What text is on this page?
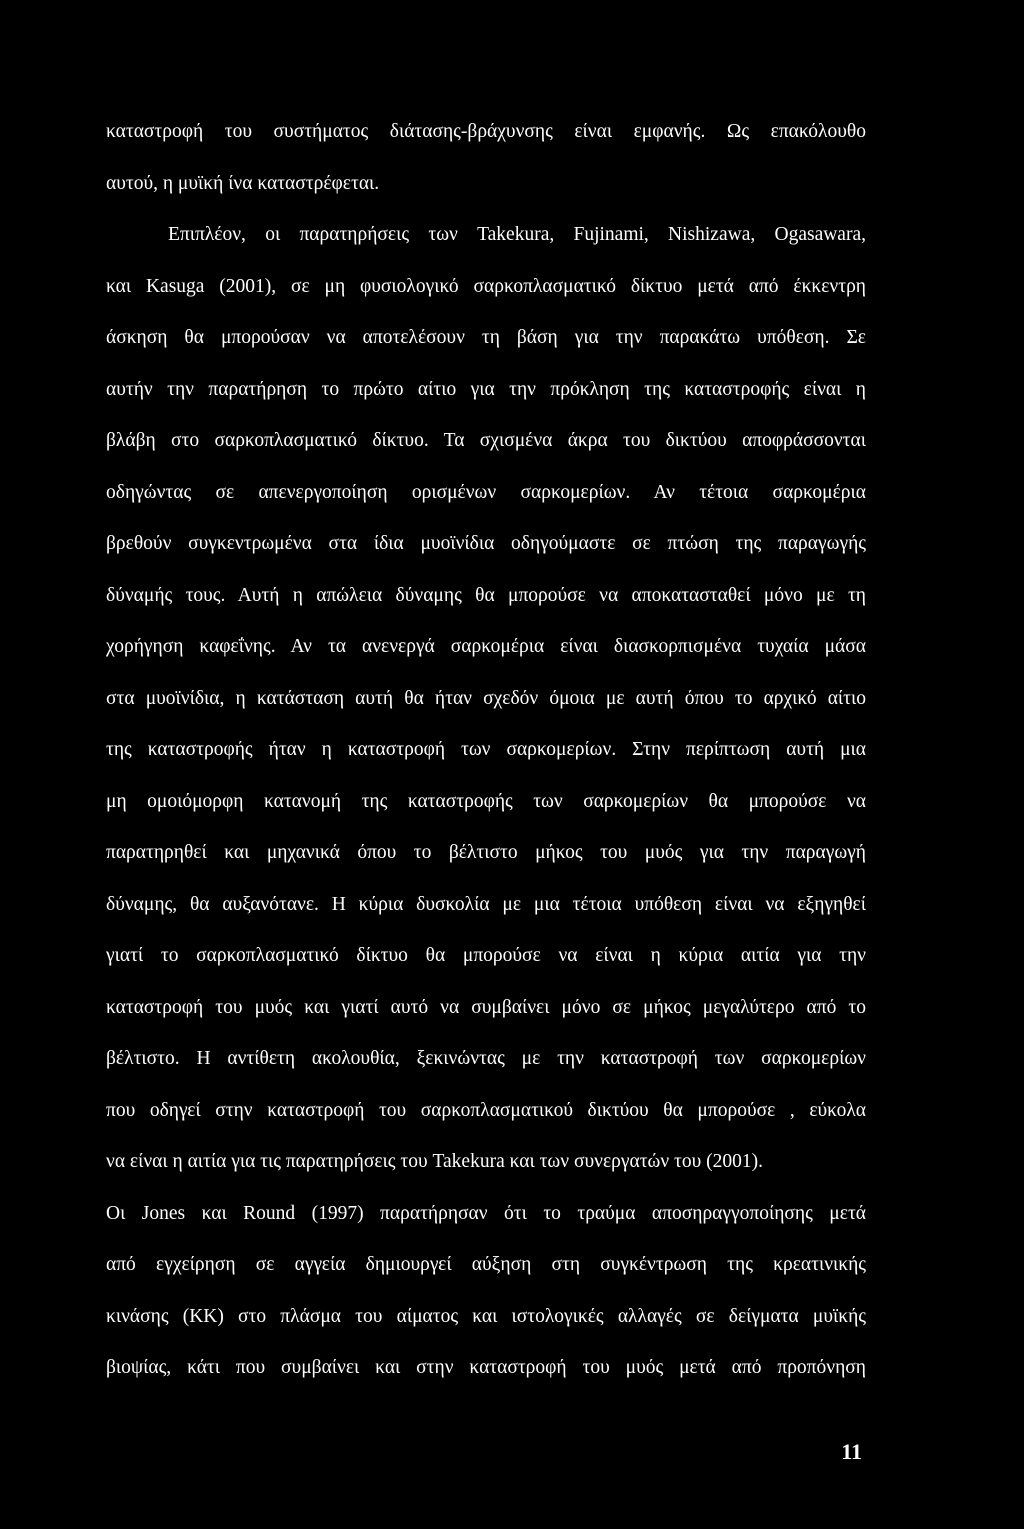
καταστροφή του συστήματος διάτασης-βράχυνσης είναι εμφανής. Ως επακόλουθο
αυτού, η μυϊκή ίνα καταστρέφεται.
Επιπλέον, οι παρατηρήσεις των Takekura, Fujinami, Nishizawa, Ogasawara,
και Kasuga (2001), σε μη φυσιολογικό σαρκοπλασματικό δίκτυο μετά από έκκεντρη
άσκηση θα μπορούσαν να αποτελέσουν τη βάση για την παρακάτω υπόθεση. Σε
αυτήν την παρατήρηση το πρώτο αίτιο για την πρόκληση της καταστροφής είναι η
βλάβη στο σαρκοπλασματικό δίκτυο. Τα σχισμένα άκρα του δικτύου αποφράσσονται
οδηγώντας σε απενεργοποίηση ορισμένων σαρκομερίων. Αν τέτοια σαρκομέρια
βρεθούν συγκεντρωμένα στα ίδια μυοϊνίδια οδηγούμαστε σε πτώση της παραγωγής
δύναμής τους. Αυτή η απώλεια δύναμης θα μπορούσε να αποκατασταθεί μόνο με τη
χορήγηση καφεΐνης. Αν τα ανενεργά σαρκομέρια είναι διασκορπισμένα τυχαία μάσα
στα μυοϊνίδια, η κατάσταση αυτή θα ήταν σχεδόν όμοια με αυτή όπου το αρχικό αίτιο
της καταστροφής ήταν η καταστροφή των σαρκομερίων. Στην περίπτωση αυτή μια
μη ομοιόμορφη κατανομή της καταστροφής των σαρκομερίων θα μπορούσε να
παρατηρηθεί και μηχανικά όπου το βέλτιστο μήκος του μυός για την παραγωγή
δύναμης, θα αυξανότανε. Η κύρια δυσκολία με μια τέτοια υπόθεση είναι να εξηγηθεί
γιατί το σαρκοπλασματικό δίκτυο θα μπορούσε να είναι η κύρια αιτία για την
καταστροφή του μυός και γιατί αυτό να συμβαίνει μόνο σε μήκος μεγαλύτερο από το
βέλτιστο. Η αντίθετη ακολουθία, ξεκινώντας με την καταστροφή των σαρκομερίων
που οδηγεί στην καταστροφή του σαρκοπλασματικού δικτύου θα μπορούσε , εύκολα
να είναι η αιτία για τις παρατηρήσεις του Takekura και των συνεργατών του (2001).
Οι Jones και Round (1997) παρατήρησαν ότι το τραύμα αποσηραγγοποίησης μετά
από εγχείρηση σε αγγεία δημιουργεί αύξηση στη συγκέντρωση της κρεατινικής
κινάσης (ΚΚ) στο πλάσμα του αίματος και ιστολογικές αλλαγές σε δείγματα μυϊκής
βιοψίας, κάτι που συμβαίνει και στην καταστροφή του μυός μετά από προπόνηση
11
